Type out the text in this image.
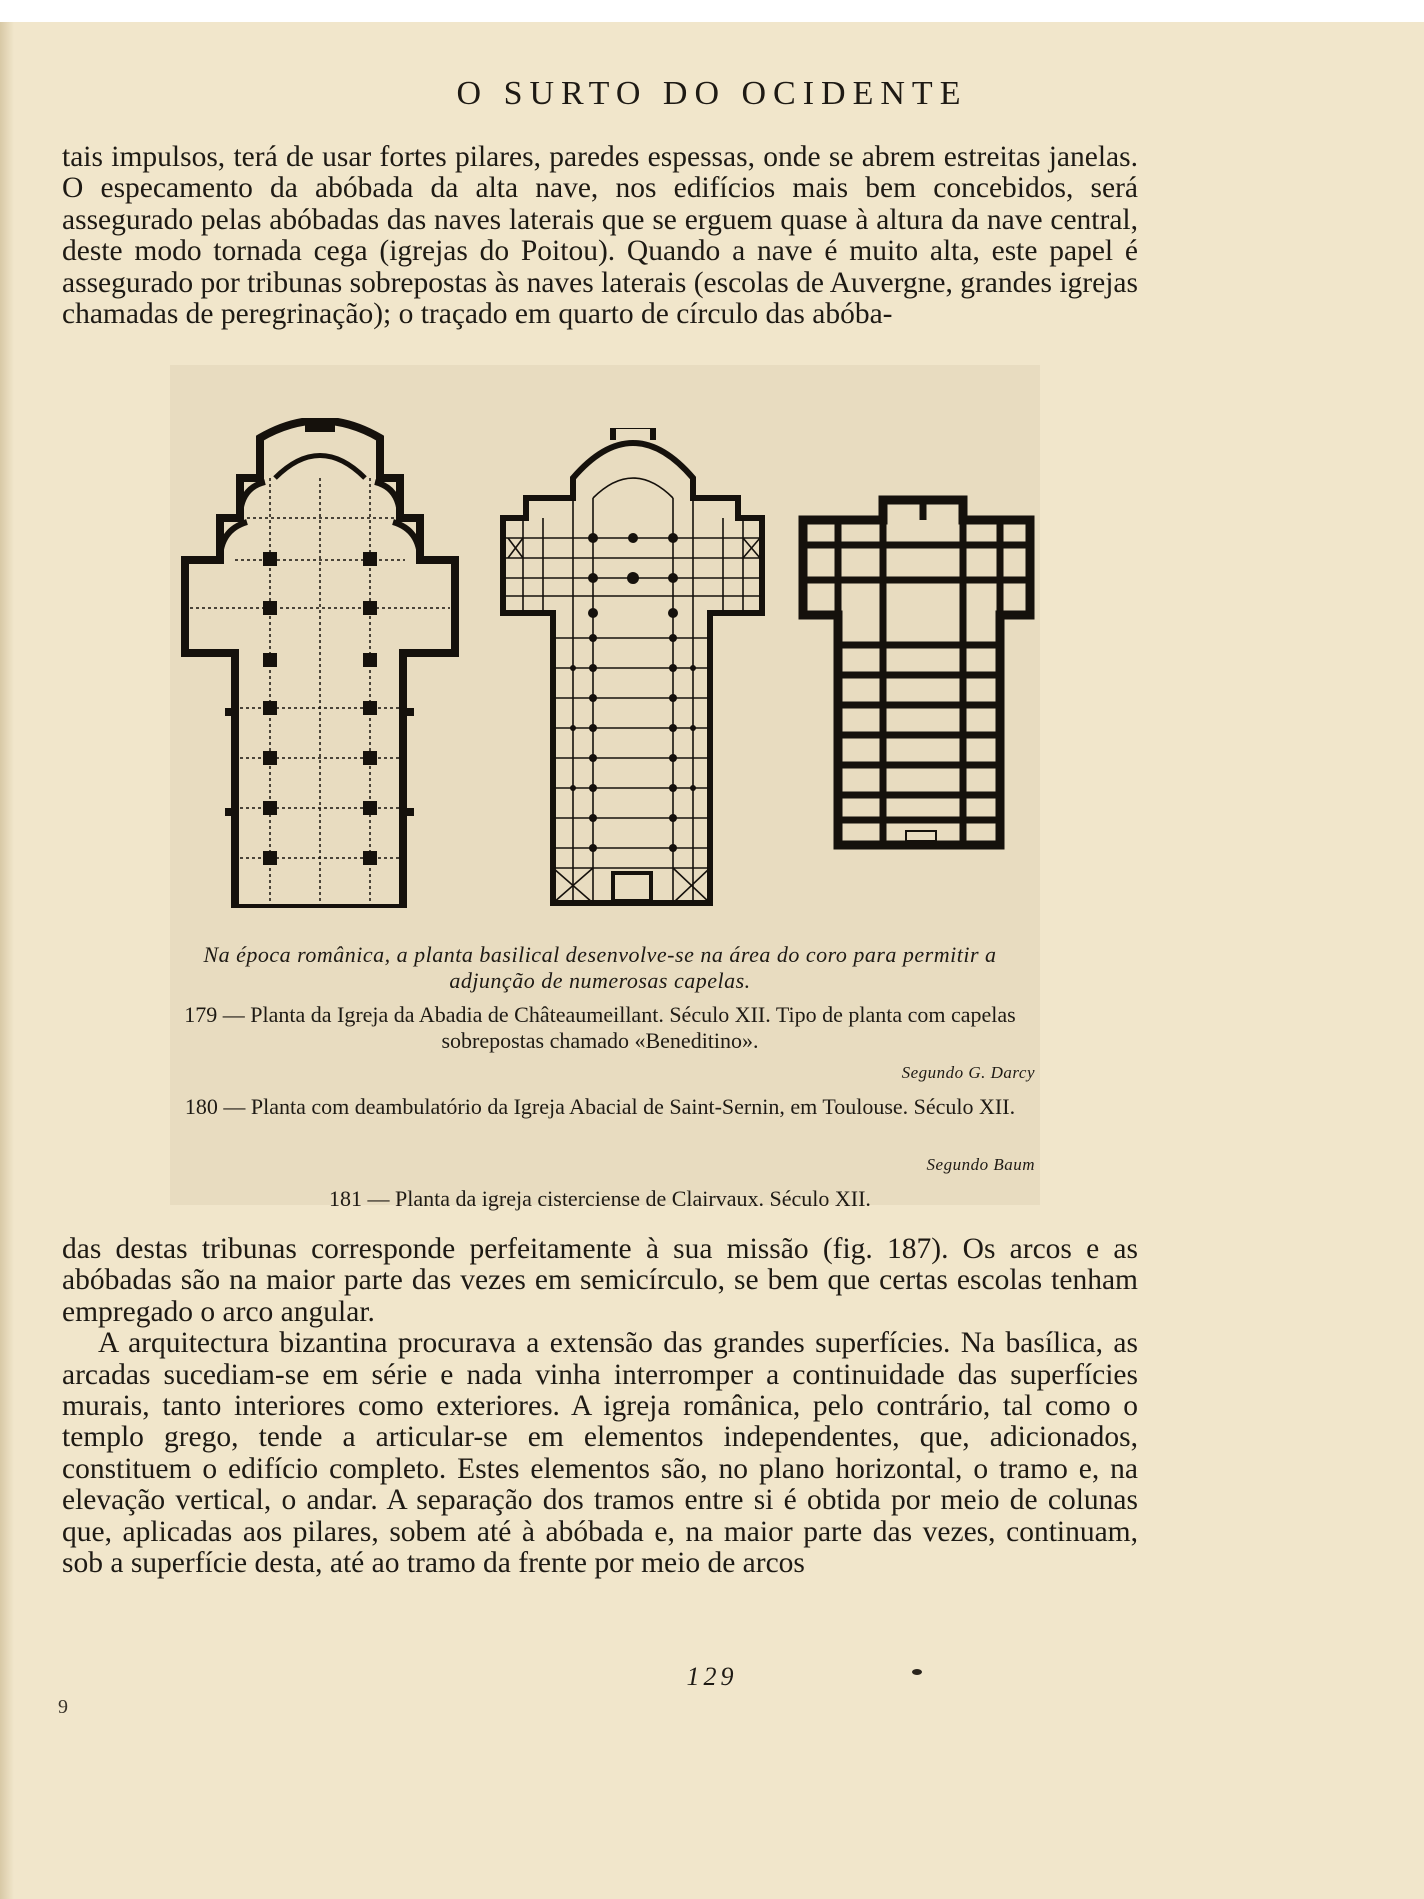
O SURTO DO OCIDENTE

tais impulsos, terá de usar fortes pilares, paredes espessas, onde se abrem estreitas janelas. O especamento da abóbada da alta nave, nos edifícios mais bem concebidos, será assegurado pelas abóbadas das naves laterais que se erguem quase à altura da nave central, deste modo tornada cega (igrejas do Poitou). Quando a nave é muito alta, este papel é assegurado por tribunas sobrepostas às naves laterais (escolas de Auvergne, grandes igrejas chamadas de peregrinação); o traçado em quarto de círculo das abóba-

Na época românica, a planta basilical desenvolve-se na área do coro para permitir a adjunção de numerosas capelas.
179 — Planta da Igreja da Abadia de Châteaumeillant. Século XII. Tipo de planta com capelas sobrepostas chamado «Beneditino».
Segundo G. Darcy
180 — Planta com deambulatório da Igreja Abacial de Saint-Sernin, em Toulouse. Século XII.
Segundo Baum
181 — Planta da igreja cisterciense de Clairvaux. Século XII.

das destas tribunas corresponde perfeitamente à sua missão (fig. 187). Os arcos e as abóbadas são na maior parte das vezes em semicírculo, se bem que certas escolas tenham empregado o arco angular.

A arquitectura bizantina procurava a extensão das grandes superfícies. Na basílica, as arcadas sucediam-se em série e nada vinha interromper a continuidade das superfícies murais, tanto interiores como exteriores. A igreja românica, pelo contrário, tal como o templo grego, tende a articular-se em elementos independentes, que, adicionados, constituem o edifício completo. Estes elementos são, no plano horizontal, o tramo e, na elevação vertical, o andar. A separação dos tramos entre si é obtida por meio de colunas que, aplicadas aos pilares, sobem até à abóbada e, na maior parte das vezes, continuam, sob a superfície desta, até ao tramo da frente por meio de arcos

129
9
